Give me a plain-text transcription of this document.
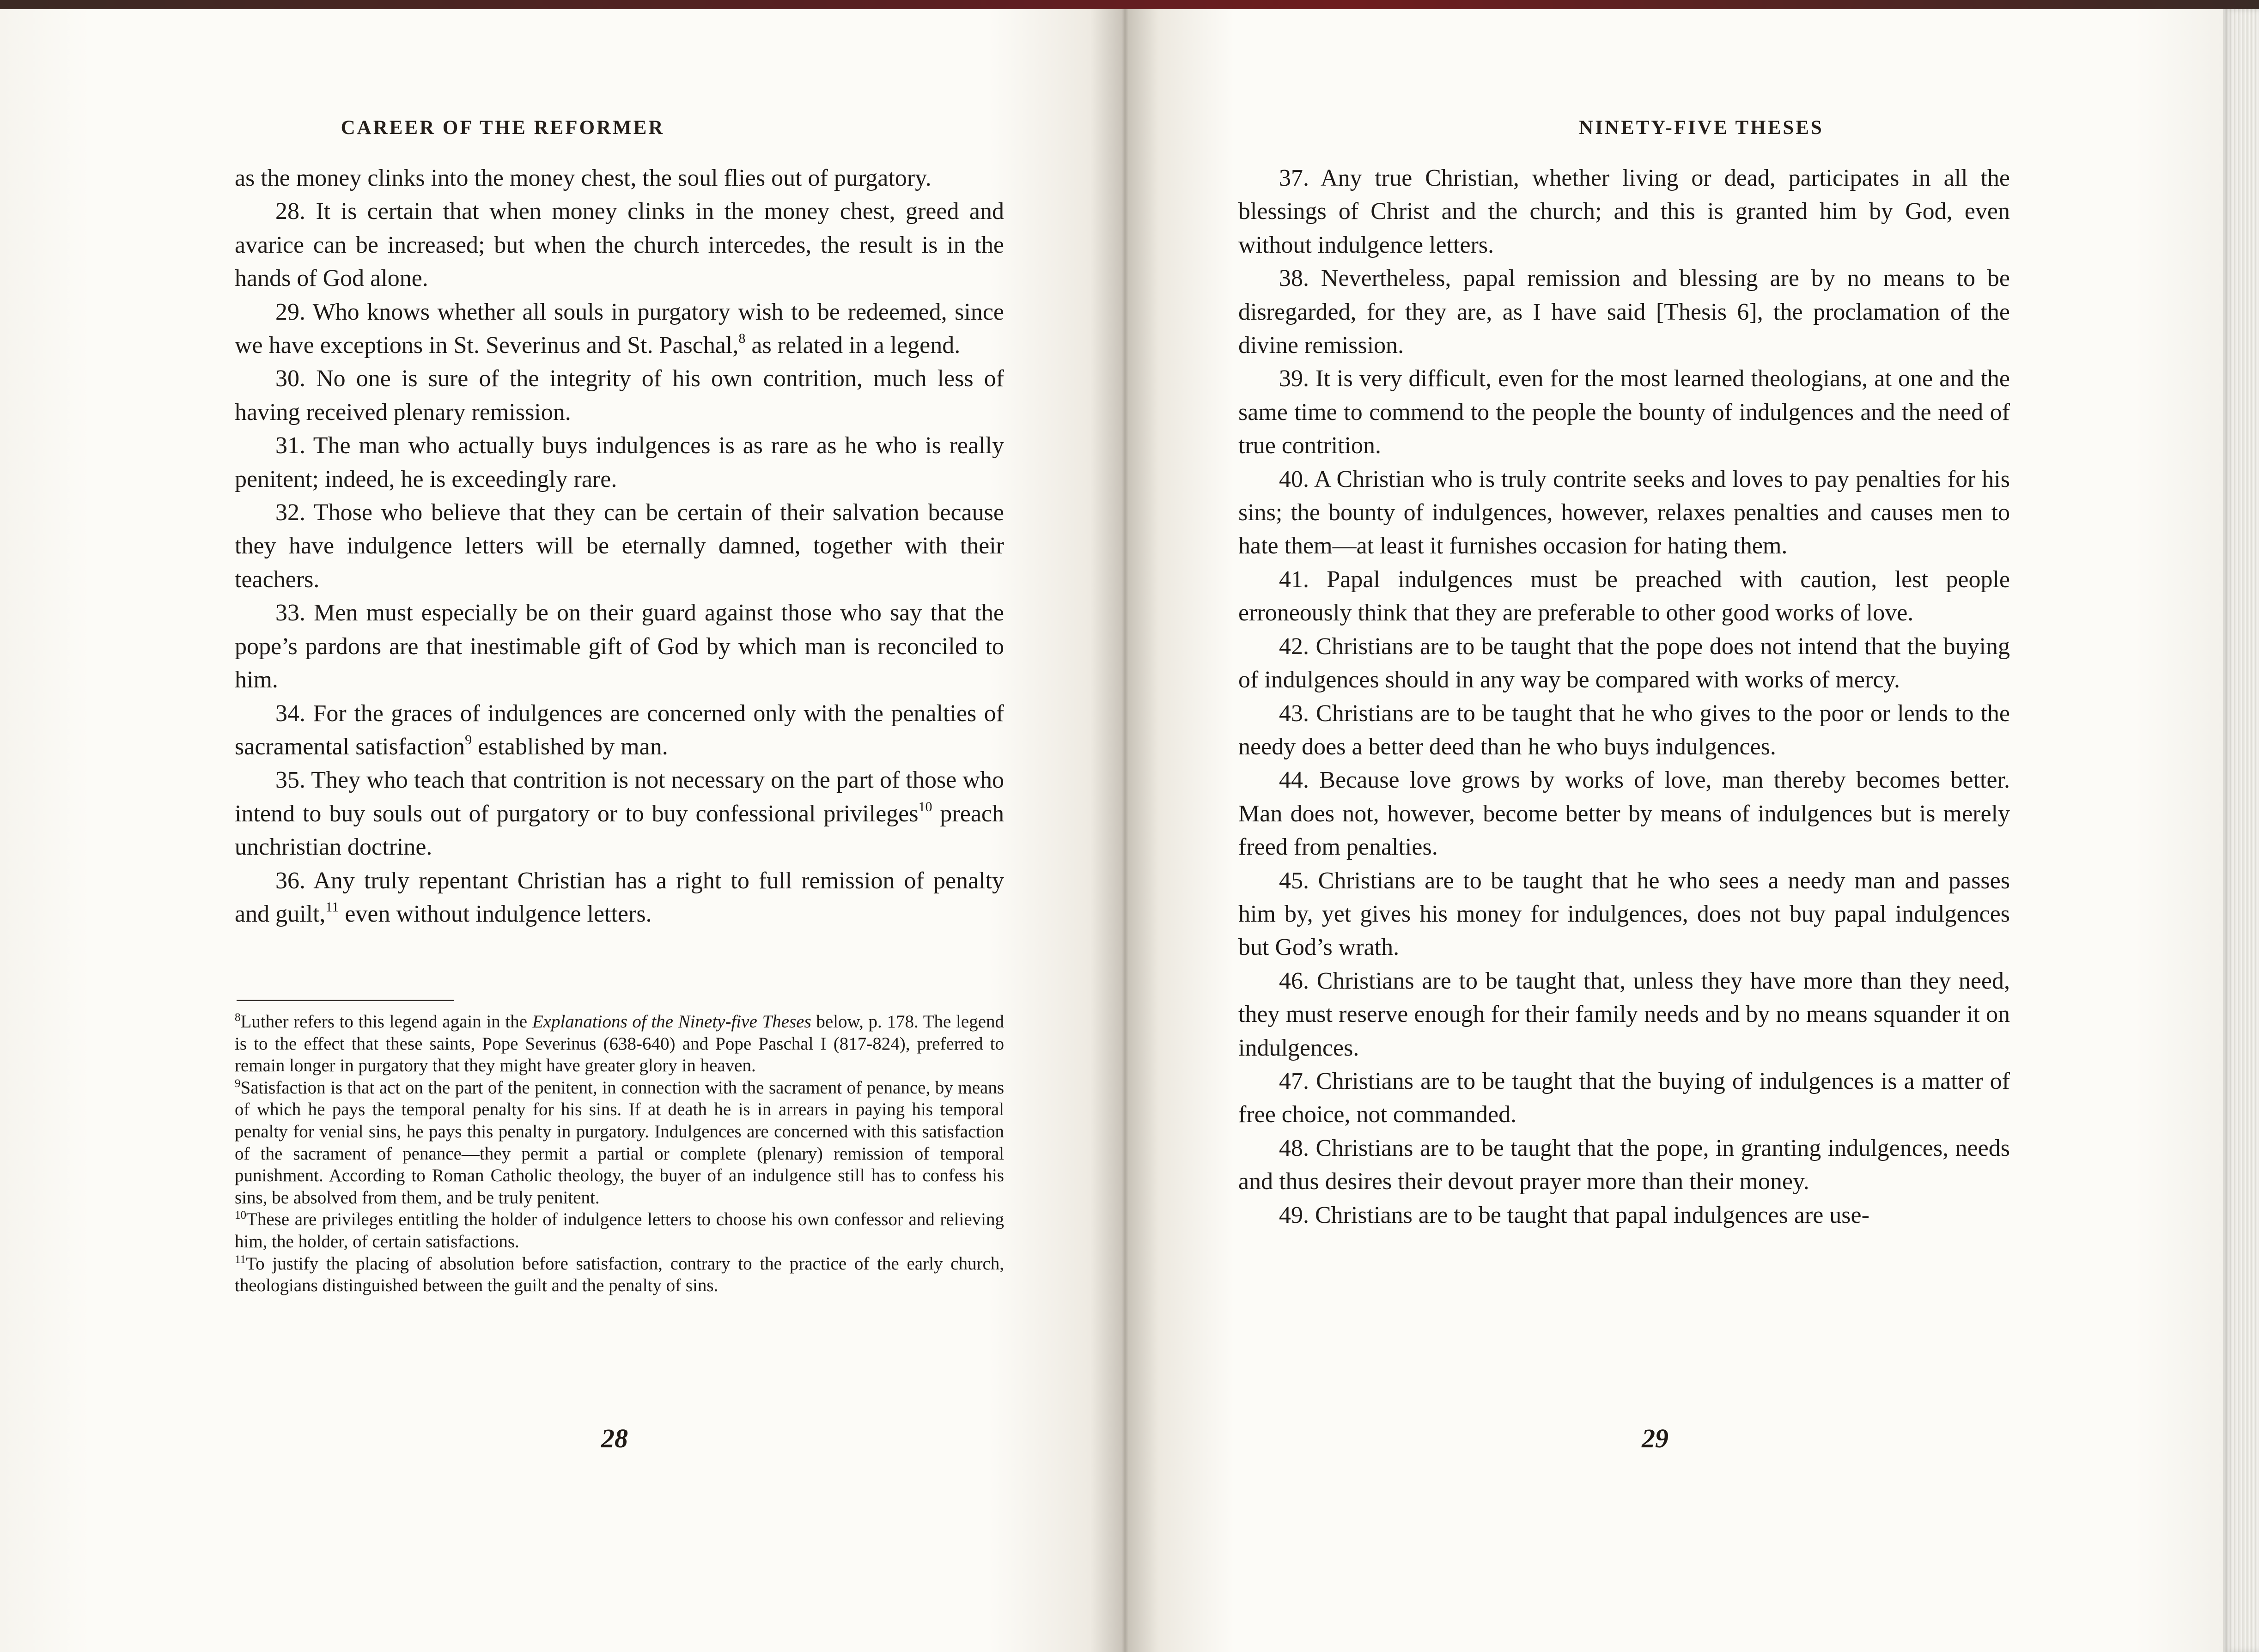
CAREER OF THE REFORMER

as the money clinks into the money chest, the soul flies out of purgatory.

28. It is certain that when money clinks in the money chest, greed and avarice can be increased; but when the church intercedes, the result is in the hands of God alone.

29. Who knows whether all souls in purgatory wish to be redeemed, since we have exceptions in St. Severinus and St. Paschal,$^8$ as related in a legend.

30. No one is sure of the integrity of his own contrition, much less of having received plenary remission.

31. The man who actually buys indulgences is as rare as he who is really penitent; indeed, he is exceedingly rare.

32. Those who believe that they can be certain of their salvation because they have indulgence letters will be eternally damned, together with their teachers.

33. Men must especially be on their guard against those who say that the pope’s pardons are that inestimable gift of God by which man is reconciled to him.

34. For the graces of indulgences are concerned only with the penalties of sacramental satisfaction$^9$ established by man.

35. They who teach that contrition is not necessary on the part of those who intend to buy souls out of purgatory or to buy confessional privileges$^{10}$ preach unchristian doctrine.

36. Any truly repentant Christian has a right to full remission of penalty and guilt,$^{11}$ even without indulgence letters.

$^8$Luther refers to this legend again in the Explanations of the Ninety-five Theses below, p. 178. The legend is to the effect that these saints, Pope Severinus (638-640) and Pope Paschal I (817-824), preferred to remain longer in purgatory that they might have greater glory in heaven.

$^9$Satisfaction is that act on the part of the penitent, in connection with the sacrament of penance, by means of which he pays the temporal penalty for his sins. If at death he is in arrears in paying his temporal penalty for venial sins, he pays this penalty in purgatory. Indulgences are concerned with this satisfaction of the sacrament of penance—they permit a partial or complete (plenary) remission of temporal punishment. According to Roman Catholic theology, the buyer of an indulgence still has to confess his sins, be absolved from them, and be truly penitent.

$^{10}$These are privileges entitling the holder of indulgence letters to choose his own confessor and relieving him, the holder, of certain satisfactions.

$^{11}$To justify the placing of absolution before satisfaction, contrary to the practice of the early church, theologians distinguished between the guilt and the penalty of sins.

28
NINETY-FIVE THESES

37. Any true Christian, whether living or dead, participates in all the blessings of Christ and the church; and this is granted him by God, even without indulgence letters.

38. Nevertheless, papal remission and blessing are by no means to be disregarded, for they are, as I have said [Thesis 6], the proclamation of the divine remission.

39. It is very difficult, even for the most learned theologians, at one and the same time to commend to the people the bounty of indulgences and the need of true contrition.

40. A Christian who is truly contrite seeks and loves to pay penalties for his sins; the bounty of indulgences, however, relaxes penalties and causes men to hate them—at least it furnishes occasion for hating them.

41. Papal indulgences must be preached with caution, lest people erroneously think that they are preferable to other good works of love.

42. Christians are to be taught that the pope does not intend that the buying of indulgences should in any way be compared with works of mercy.

43. Christians are to be taught that he who gives to the poor or lends to the needy does a better deed than he who buys indulgences.

44. Because love grows by works of love, man thereby becomes better. Man does not, however, become better by means of indulgences but is merely freed from penalties.

45. Christians are to be taught that he who sees a needy man and passes him by, yet gives his money for indulgences, does not buy papal indulgences but God’s wrath.

46. Christians are to be taught that, unless they have more than they need, they must reserve enough for their family needs and by no means squander it on indulgences.

47. Christians are to be taught that the buying of indulgences is a matter of free choice, not commanded.

48. Christians are to be taught that the pope, in granting indulgences, needs and thus desires their devout prayer more than their money.

49. Christians are to be taught that papal indulgences are use-

29
